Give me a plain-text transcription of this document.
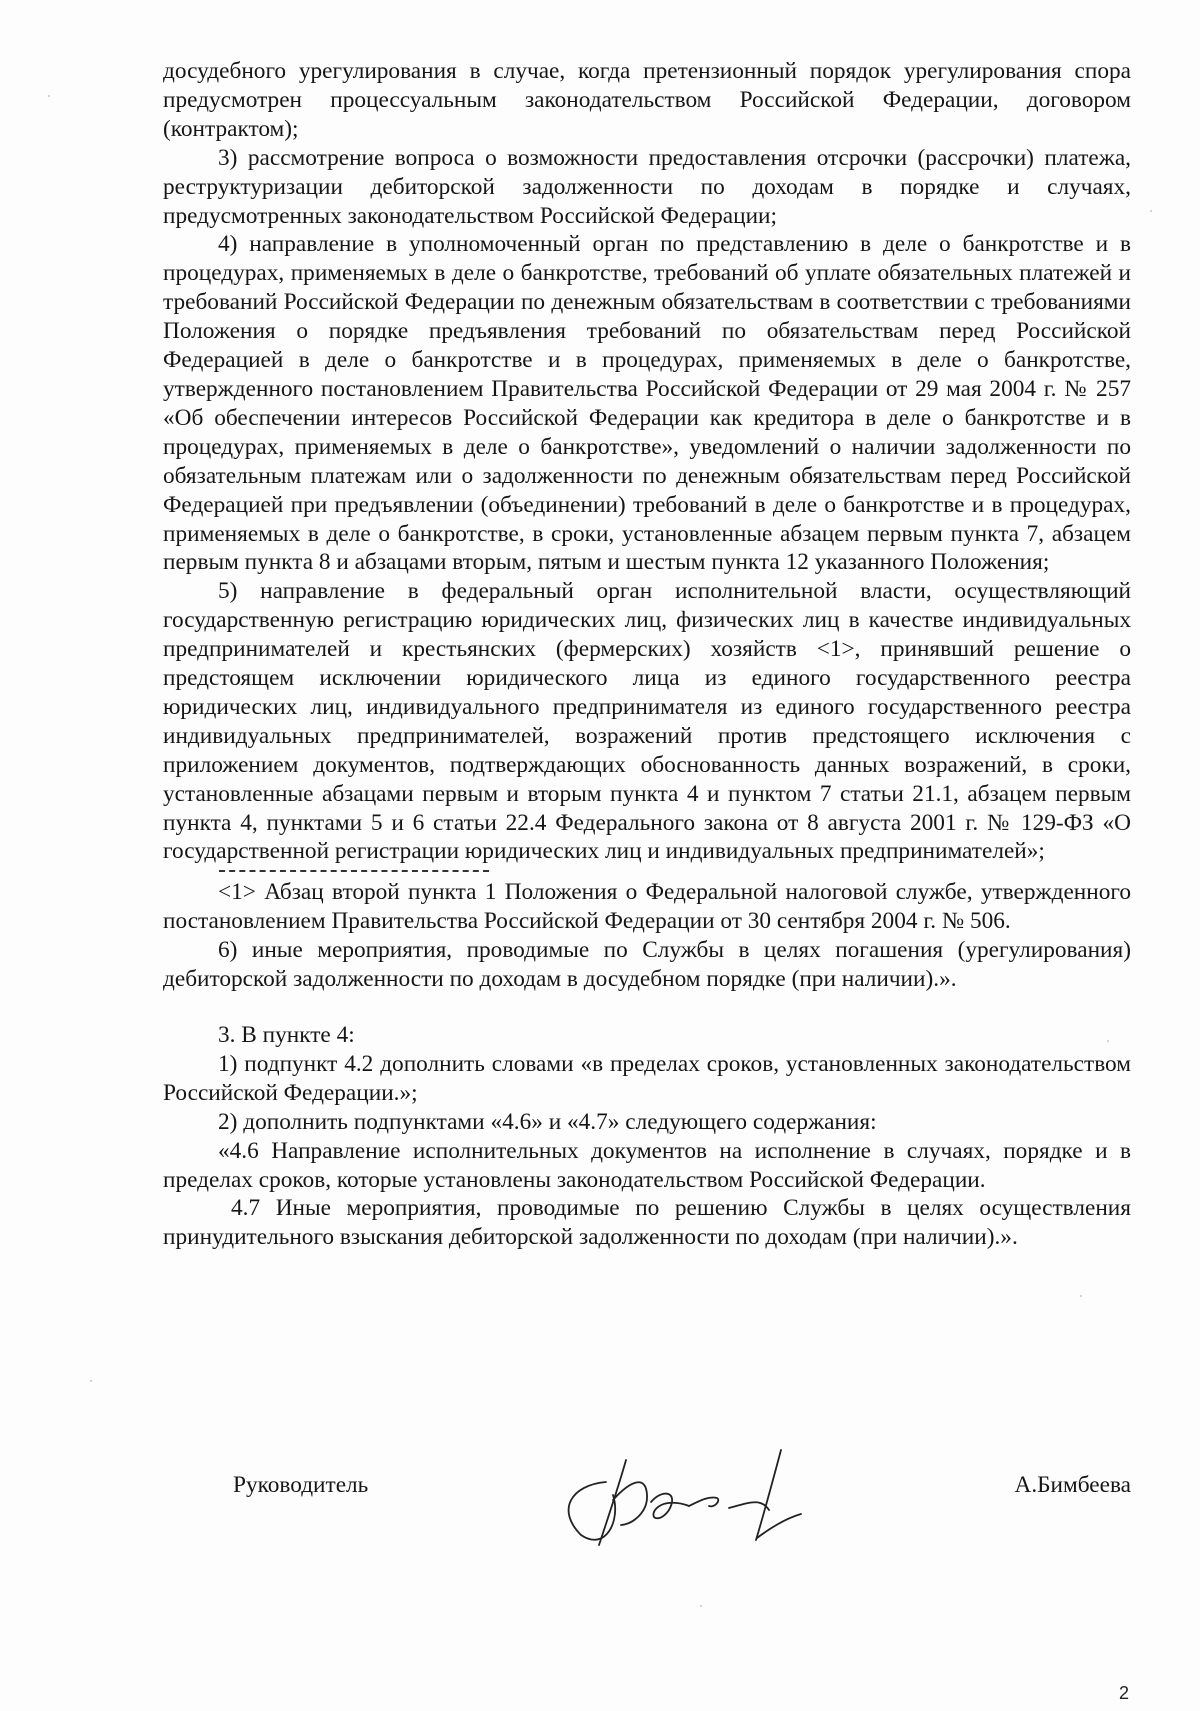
досудебного урегулирования в случае, когда претензионный порядок урегулирования спора предусмотрен процессуальным законодательством Российской Федерации, договором (контрактом);

3) рассмотрение вопроса о возможности предоставления отсрочки (рассрочки) платежа, реструктуризации дебиторской задолженности по доходам в порядке и случаях, предусмотренных законодательством Российской Федерации;

4) направление в уполномоченный орган по представлению в деле о банкротстве и в процедурах, применяемых в деле о банкротстве, требований об уплате обязательных платежей и требований Российской Федерации по денежным обязательствам в соответствии с требованиями Положения о порядке предъявления требований по обязательствам перед Российской Федерацией в деле о банкротстве и в процедурах, применяемых в деле о банкротстве, утвержденного постановлением Правительства Российской Федерации от 29 мая 2004 г. № 257 «Об обеспечении интересов Российской Федерации как кредитора в деле о банкротстве и в процедурах, применяемых в деле о банкротстве», уведомлений о наличии задолженности по обязательным платежам или о задолженности по денежным обязательствам перед Российской Федерацией при предъявлении (объединении) требований в деле о банкротстве и в процедурах, применяемых в деле о банкротстве, в сроки, установленные абзацем первым пункта 7, абзацем первым пункта 8 и абзацами вторым, пятым и шестым пункта 12 указанного Положения;

5) направление в федеральный орган исполнительной власти, осуществляющий государственную регистрацию юридических лиц, физических лиц в качестве индивидуальных предпринимателей и крестьянских (фермерских) хозяйств <1>, принявший решение о предстоящем исключении юридического лица из единого государственного реестра юридических лиц, индивидуального предпринимателя из единого государственного реестра индивидуальных предпринимателей, возражений против предстоящего исключения с приложением документов, подтверждающих обоснованность данных возражений, в сроки, установленные абзацами первым и вторым пункта 4 и пунктом 7 статьи 21.1, абзацем первым пункта 4, пунктами 5 и 6 статьи 22.4 Федерального закона от 8 августа 2001 г. № 129-ФЗ «О государственной регистрации юридических лиц и индивидуальных предпринимателей»;

<1> Абзац второй пункта 1 Положения о Федеральной налоговой службе, утвержденного постановлением Правительства Российской Федерации от 30 сентября 2004 г. № 506.

6) иные мероприятия, проводимые по Службы в целях погашения (урегулирования) дебиторской задолженности по доходам в досудебном порядке (при наличии).».

3. В пункте 4:

1) подпункт 4.2 дополнить словами «в пределах сроков, установленных законодательством Российской Федерации.»;

2) дополнить подпунктами «4.6» и «4.7» следующего содержания:

«4.6 Направление исполнительных документов на исполнение в случаях, порядке и в пределах сроков, которые установлены законодательством Российской Федерации.

4.7 Иные мероприятия, проводимые по решению Службы в целях осуществления принудительного взыскания дебиторской задолженности по доходам (при наличии).».

Руководитель	А.Бимбеева
2
